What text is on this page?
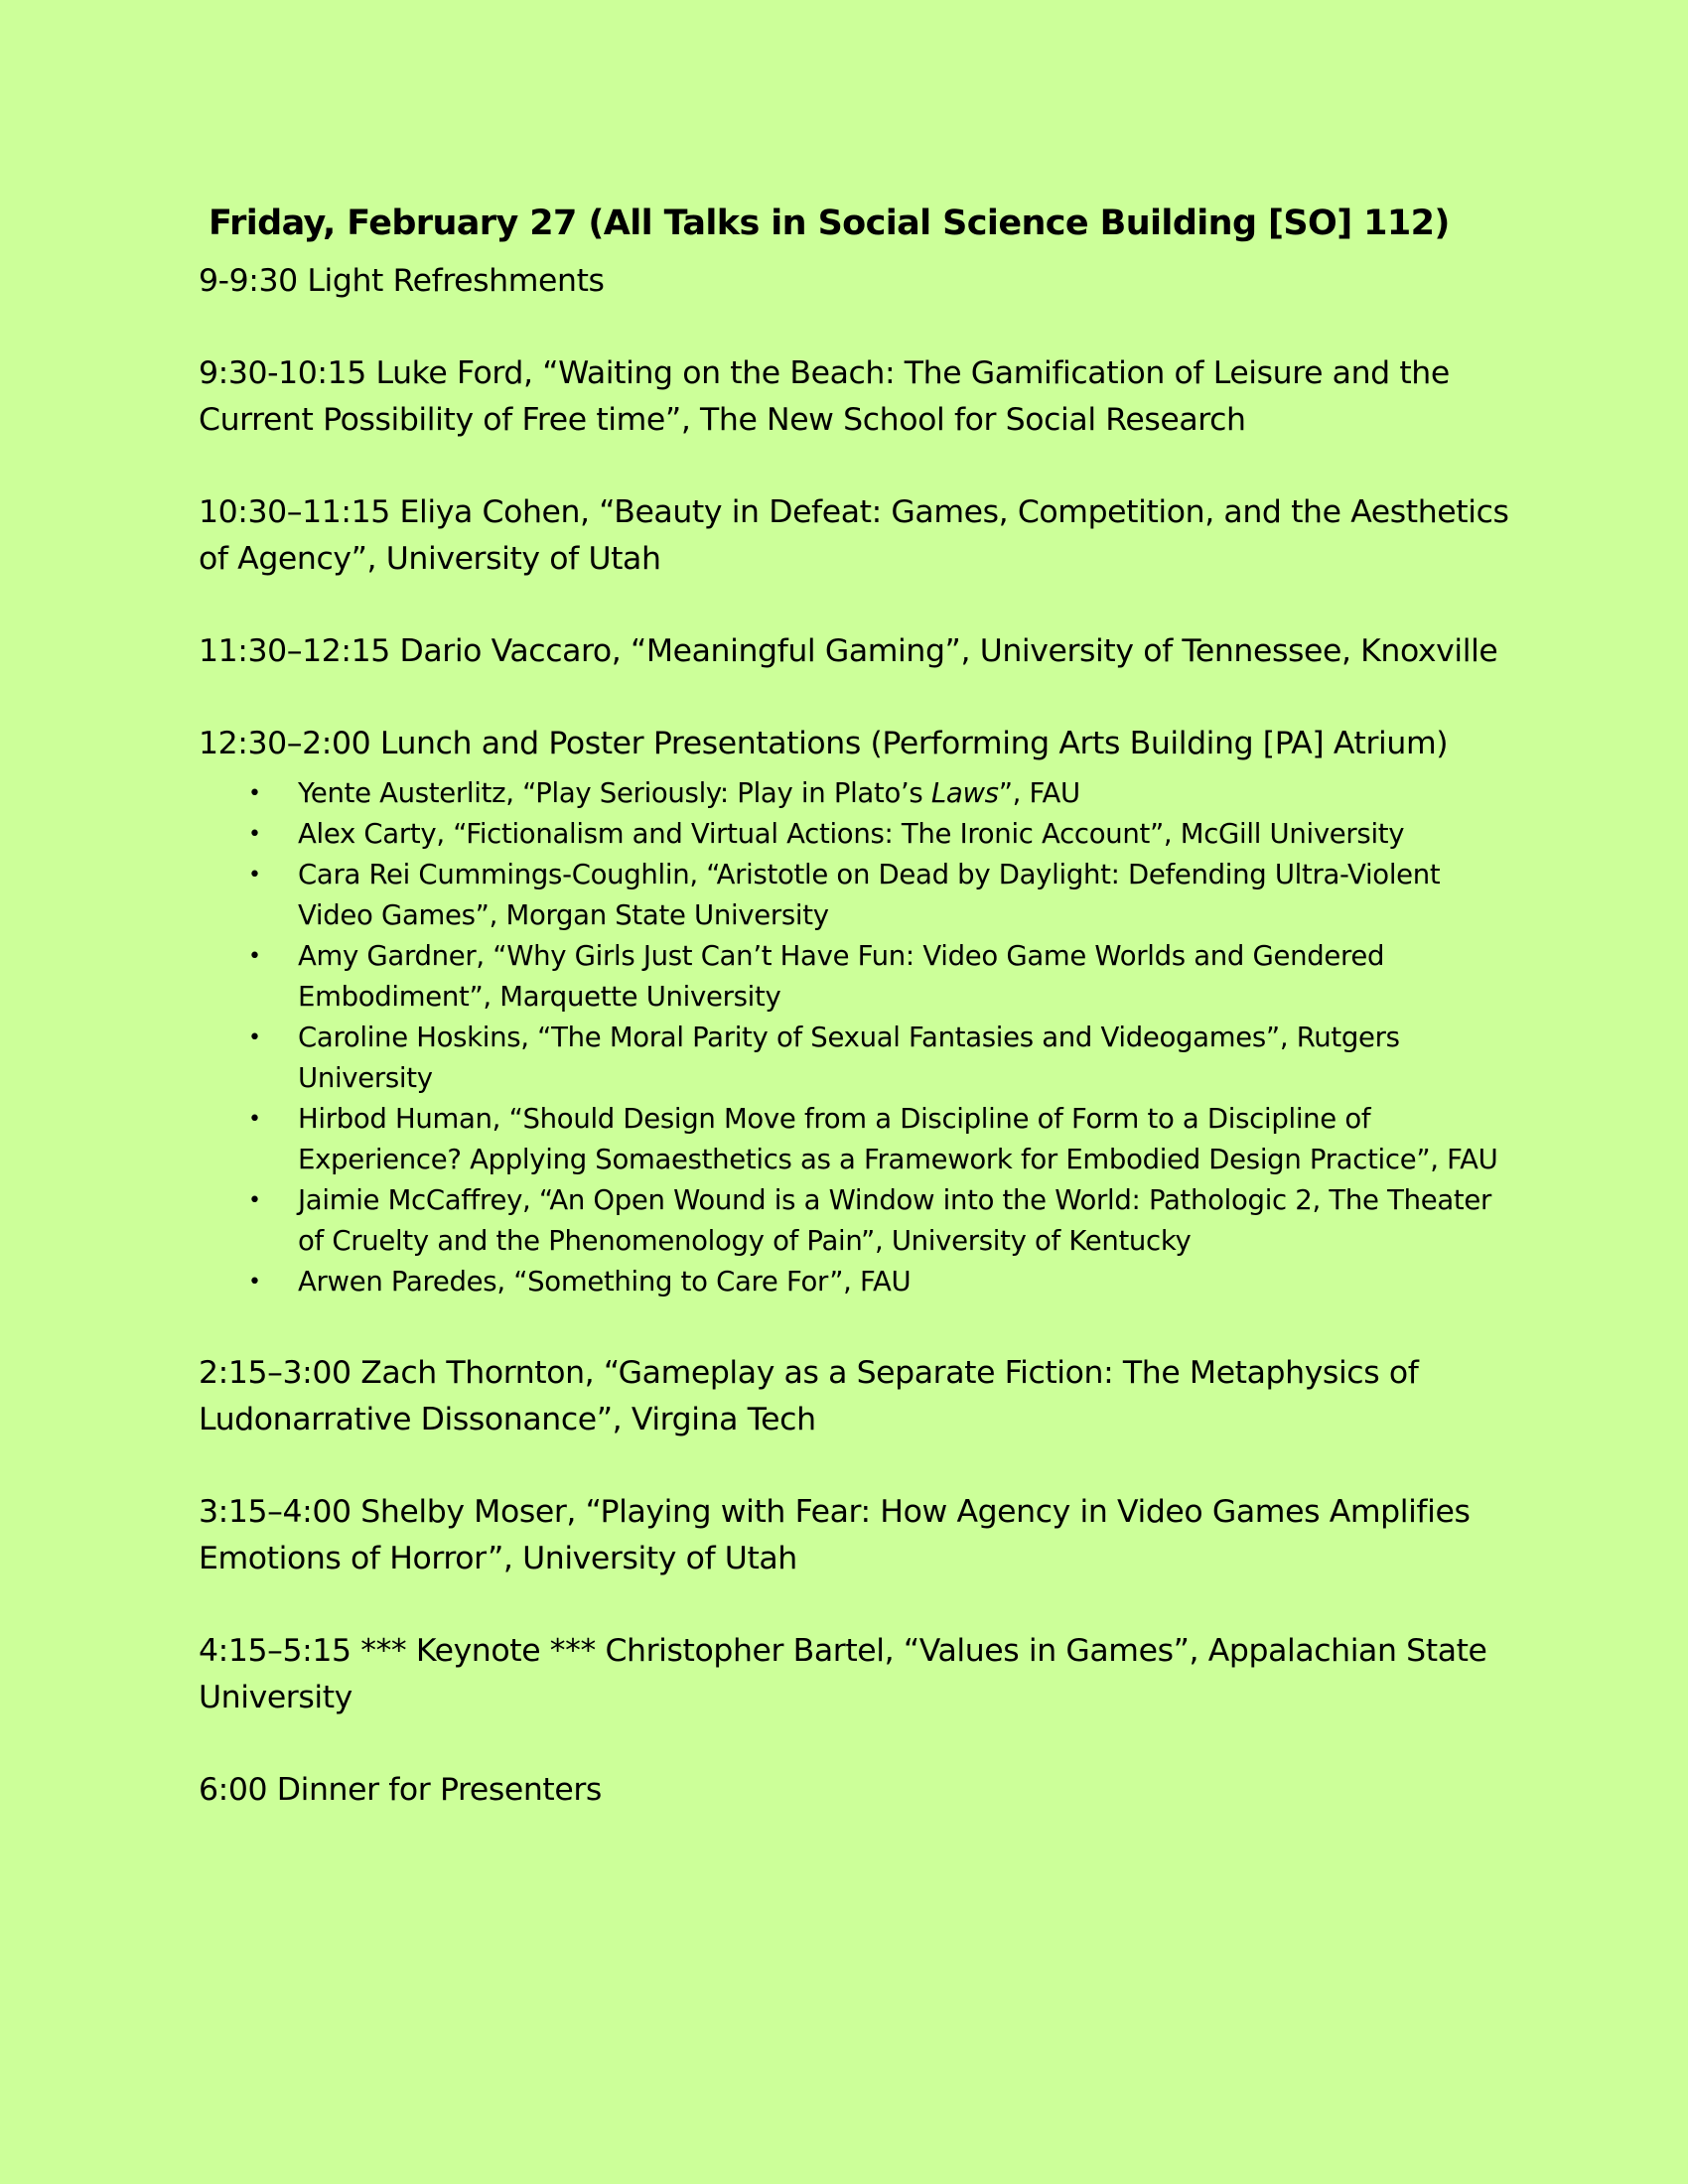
Friday, February 27 (All Talks in Social Science Building [SO] 112)

9-9:30 Light Refreshments

9:30-10:15 Luke Ford, “Waiting on the Beach: The Gamification of Leisure and the Current Possibility of Free time”, The New School for Social Research

10:30–11:15 Eliya Cohen, “Beauty in Defeat: Games, Competition, and the Aesthetics of Agency”, University of Utah

11:30–12:15 Dario Vaccaro, “Meaningful Gaming”, University of Tennessee, Knoxville

12:30–2:00 Lunch and Poster Presentations (Performing Arts Building [PA] Atrium)

• Yente Austerlitz, “Play Seriously: Play in Plato’s Laws”, FAU
• Alex Carty, “Fictionalism and Virtual Actions: The Ironic Account”, McGill University
• Cara Rei Cummings-Coughlin, “Aristotle on Dead by Daylight: Defending Ultra-Violent Video Games”, Morgan State University
• Amy Gardner, “Why Girls Just Can’t Have Fun: Video Game Worlds and Gendered Embodiment”, Marquette University
• Caroline Hoskins, “The Moral Parity of Sexual Fantasies and Videogames”, Rutgers University
• Hirbod Human, “Should Design Move from a Discipline of Form to a Discipline of Experience? Applying Somaesthetics as a Framework for Embodied Design Practice”, FAU
• Jaimie McCaffrey, “An Open Wound is a Window into the World: Pathologic 2, The Theater of Cruelty and the Phenomenology of Pain”, University of Kentucky
• Arwen Paredes, “Something to Care For”, FAU

2:15–3:00 Zach Thornton, “Gameplay as a Separate Fiction: The Metaphysics of Ludonarrative Dissonance”, Virgina Tech

3:15–4:00 Shelby Moser, “Playing with Fear: How Agency in Video Games Amplifies Emotions of Horror”, University of Utah

4:15–5:15 *** Keynote *** Christopher Bartel, “Values in Games”, Appalachian State University

6:00 Dinner for Presenters
